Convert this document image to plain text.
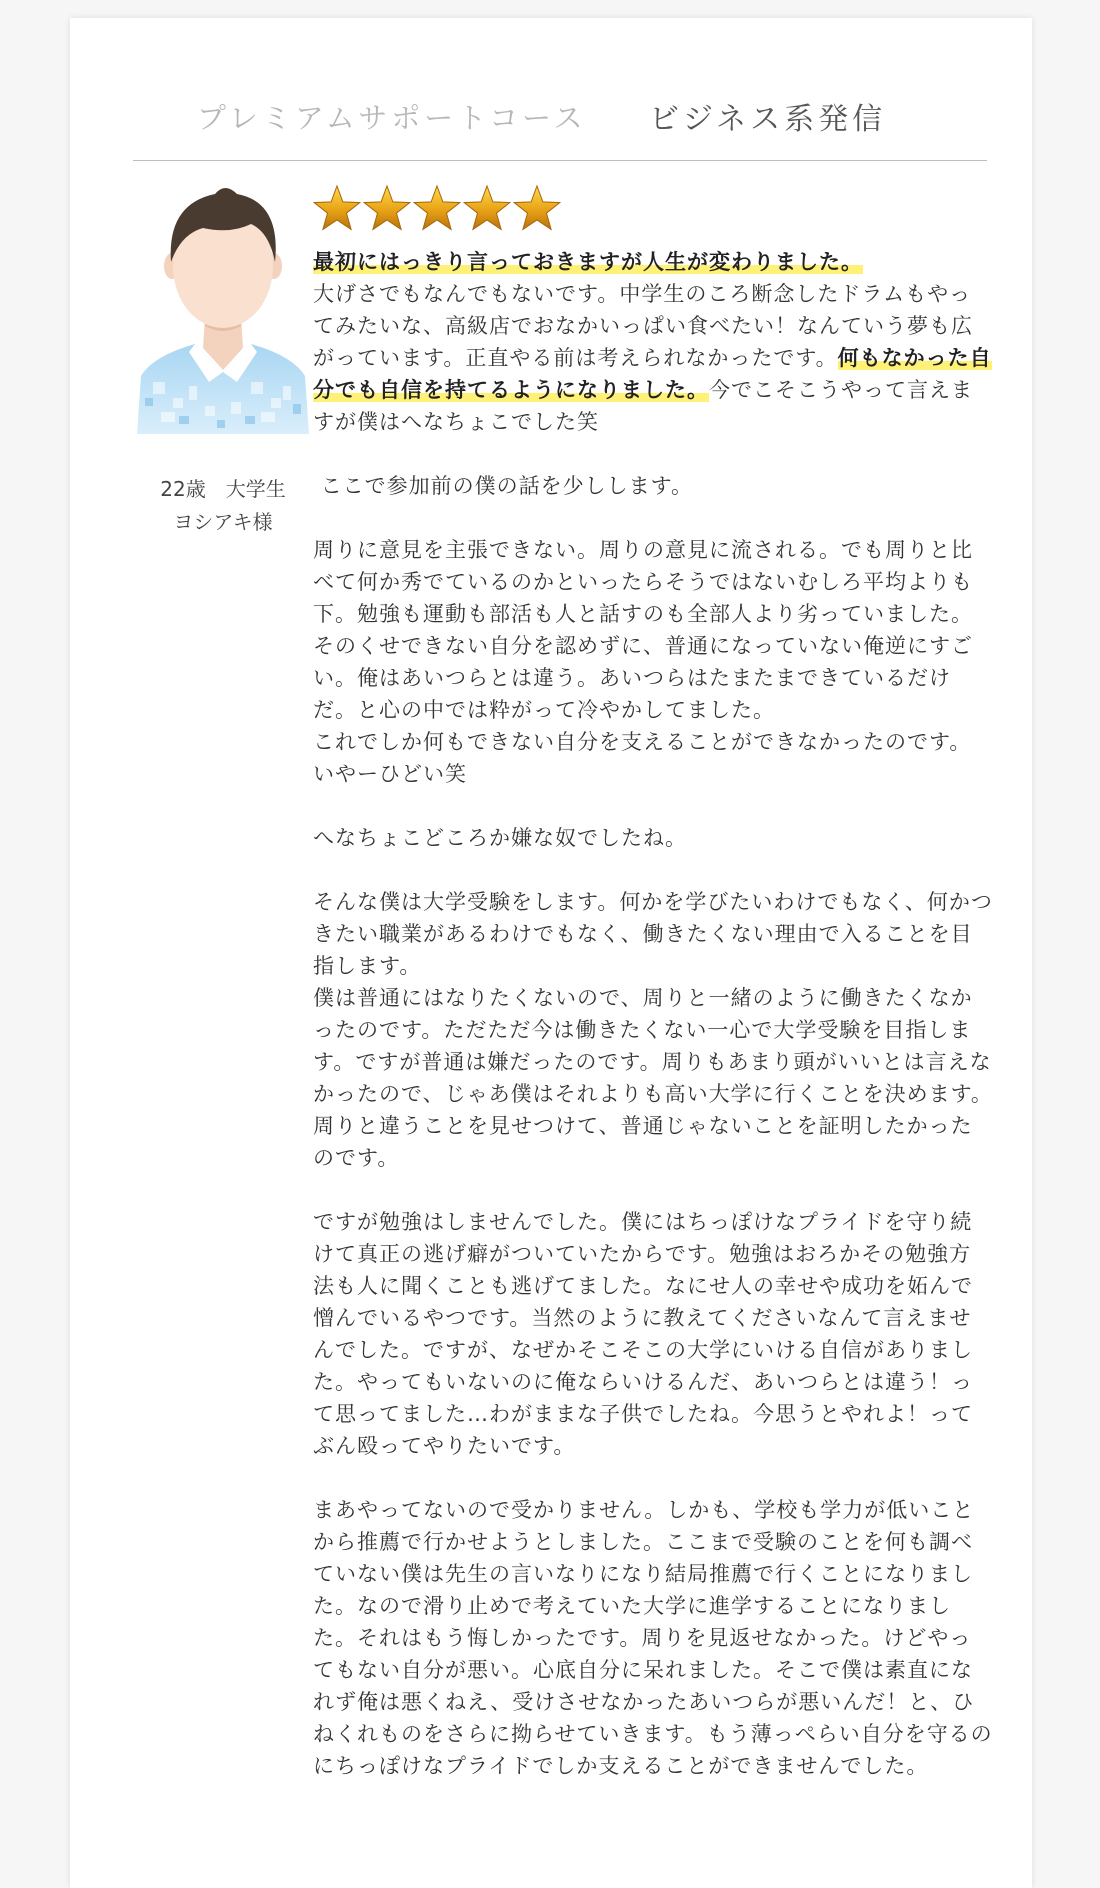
プレミアムサポートコース ビジネス系発信
22歳　大学生
ヨシアキ様

最初にはっきり言っておきますが人生が変わりました。
大げさでもなんでもないです。中学生のころ断念したドラムもやってみたいな、高級店でおなかいっぱい食べたい！なんていう夢も広がっています。正直やる前は考えられなかったです。何もなかった自分でも自信を持てるようになりました。今でこそこうやって言えますが僕はへなちょこでした笑

ここで参加前の僕の話を少しします。

周りに意見を主張できない。周りの意見に流される。でも周りと比べて何か秀でているのかといったらそうではないむしろ平均よりも下。勉強も運動も部活も人と話すのも全部人より劣っていました。
そのくせできない自分を認めずに、普通になっていない俺逆にすごい。俺はあいつらとは違う。あいつらはたまたまできているだけだ。と心の中では粋がって冷やかしてました。
これでしか何もできない自分を支えることができなかったのです。いやーひどい笑

へなちょこどころか嫌な奴でしたね。

そんな僕は大学受験をします。何かを学びたいわけでもなく、何かつきたい職業があるわけでもなく、働きたくない理由で入ることを目指します。
僕は普通にはなりたくないので、周りと一緒のように働きたくなかったのです。ただただ今は働きたくない一心で大学受験を目指します。ですが普通は嫌だったのです。周りもあまり頭がいいとは言えなかったので、じゃあ僕はそれよりも高い大学に行くことを決めます。周りと違うことを見せつけて、普通じゃないことを証明したかったのです。

ですが勉強はしませんでした。僕にはちっぽけなプライドを守り続けて真正の逃げ癖がついていたからです。勉強はおろかその勉強方法も人に聞くことも逃げてました。なにせ人の幸せや成功を妬んで憎んでいるやつです。当然のように教えてくださいなんて言えませんでした。ですが、なぜかそこそこの大学にいける自信がありました。やってもいないのに俺ならいけるんだ、あいつらとは違う！って思ってました…わがままな子供でしたね。今思うとやれよ！ってぶん殴ってやりたいです。

まあやってないので受かりません。しかも、学校も学力が低いことから推薦で行かせようとしました。ここまで受験のことを何も調べていない僕は先生の言いなりになり結局推薦で行くことになりました。なので滑り止めで考えていた大学に進学することになりました。それはもう悔しかったです。周りを見返せなかった。けどやってもない自分が悪い。心底自分に呆れました。そこで僕は素直になれず俺は悪くねえ、受けさせなかったあいつらが悪いんだ！と、ひねくれものをさらに拗らせていきます。もう薄っぺらい自分を守るのにちっぽけなプライドでしか支えることができませんでした。
